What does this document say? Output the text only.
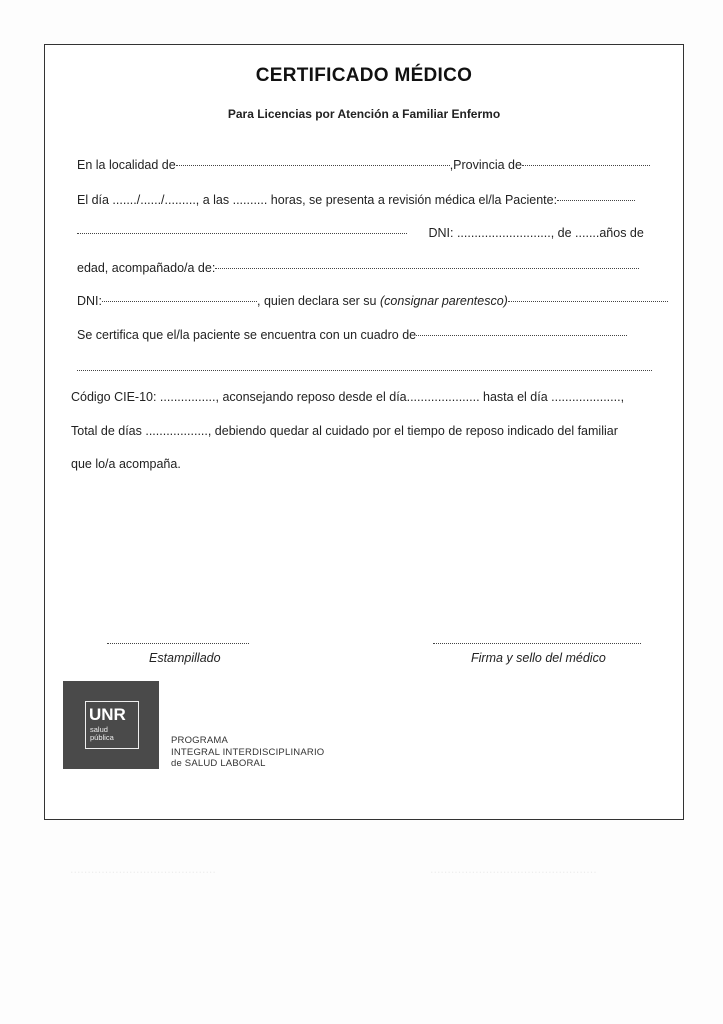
CERTIFICADO MÉDICO
Para Licencias por Atención a Familiar Enfermo
En la localidad de	,Provincia de
El día ......./....../........., a las .......... horas, se presenta a revisión médica el/la Paciente:
DNI: ..........................., de .......años de
edad, acompañado/a de:
DNI:	, quien declara ser su (consignar parentesco)
Se certifica que el/la paciente se encuentra con un cuadro de
Código CIE-10: ................, aconsejando reposo desde el día..................... hasta el día ....................,
Total de días .................., debiendo quedar al cuidado por el tiempo de reposo indicado del familiar
que lo/a acompaña.
Estampillado	Firma y sello del médico
UNR
salud
pública	PROGRAMA
INTEGRAL INTERDISCIPLINARIO
de SALUD LABORAL
..........................................	................................................
